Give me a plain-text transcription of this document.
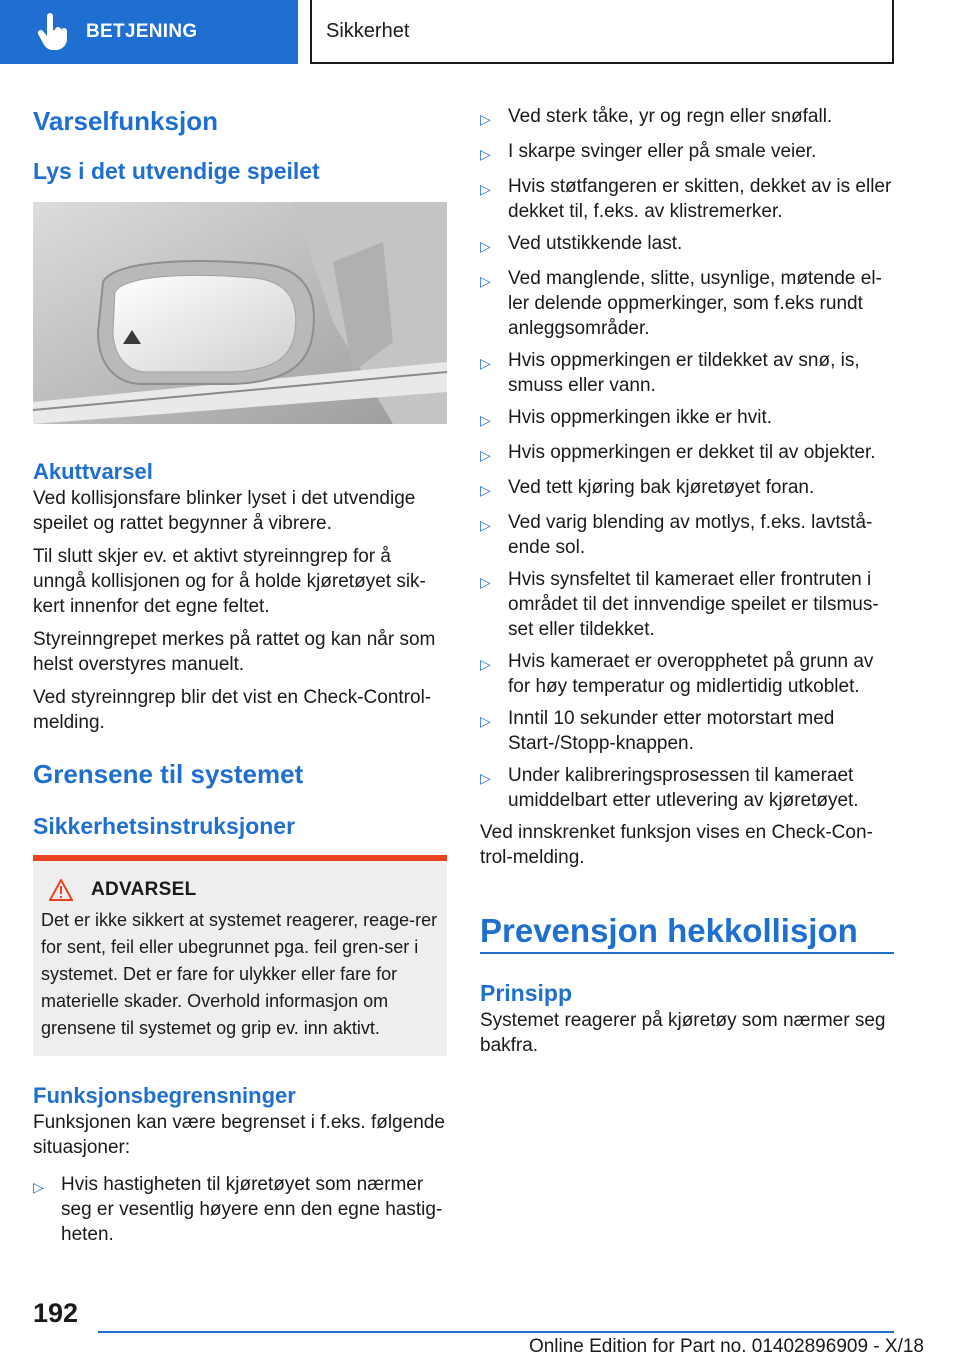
BETJENING	Sikkerhet
Varselfunksjon
Lys i det utvendige speilet
Akuttvarsel

Ved kollisjonsfare blinker lyset i det utvendige speilet og rattet begynner å vibrere.

Til slutt skjer ev. et aktivt styreinngrep for å unngå kollisjonen og for å holde kjøretøyet sik-kert innenfor det egne feltet.

Styreinngrepet merkes på rattet og kan når som helst overstyres manuelt.

Ved styreinngrep blir det vist en Check-Control-melding.

Grensene til systemet
Sikkerhetsinstruksjoner
ADVARSEL
Det er ikke sikkert at systemet reagerer, reage-rer for sent, feil eller ubegrunnet pga. feil gren-ser i systemet. Det er fare for ulykker eller fare for materielle skader. Overhold informasjon om grensene til systemet og grip ev. inn aktivt.
Funksjonsbegrensninger

Funksjonen kan være begrenset i f.eks. følgende situasjoner:

▷ Hvis hastigheten til kjøretøyet som nærmer seg er vesentlig høyere enn den egne hastig-heten.
▷ Ved sterk tåke, yr og regn eller snøfall.
▷ I skarpe svinger eller på smale veier.
▷ Hvis støtfangeren er skitten, dekket av is eller dekket til, f.eks. av klistremerker.
▷ Ved utstikkende last.
▷ Ved manglende, slitte, usynlige, møtende el-ler delende oppmerkinger, som f.eks rundt anleggsområder.
▷ Hvis oppmerkingen er tildekket av snø, is, smuss eller vann.
▷ Hvis oppmerkingen ikke er hvit.
▷ Hvis oppmerkingen er dekket til av objekter.
▷ Ved tett kjøring bak kjøretøyet foran.
▷ Ved varig blending av motlys, f.eks. lavtstå-ende sol.
▷ Hvis synsfeltet til kameraet eller frontruten i området til det innvendige speilet er tilsmus-set eller tildekket.
▷ Hvis kameraet er overopphetet på grunn av for høy temperatur og midlertidig utkoblet.
▷ Inntil 10 sekunder etter motorstart med Start-/Stopp-knappen.
▷ Under kalibreringsprosessen til kameraet umiddelbart etter utlevering av kjøretøyet.

Ved innskrenket funksjon vises en Check-Con-trol-melding.

Prevensjon hekkollisjon
Prinsipp

Systemet reagerer på kjøretøy som nærmer seg bakfra.

192
Online Edition for Part no. 01402896909 - X/18
